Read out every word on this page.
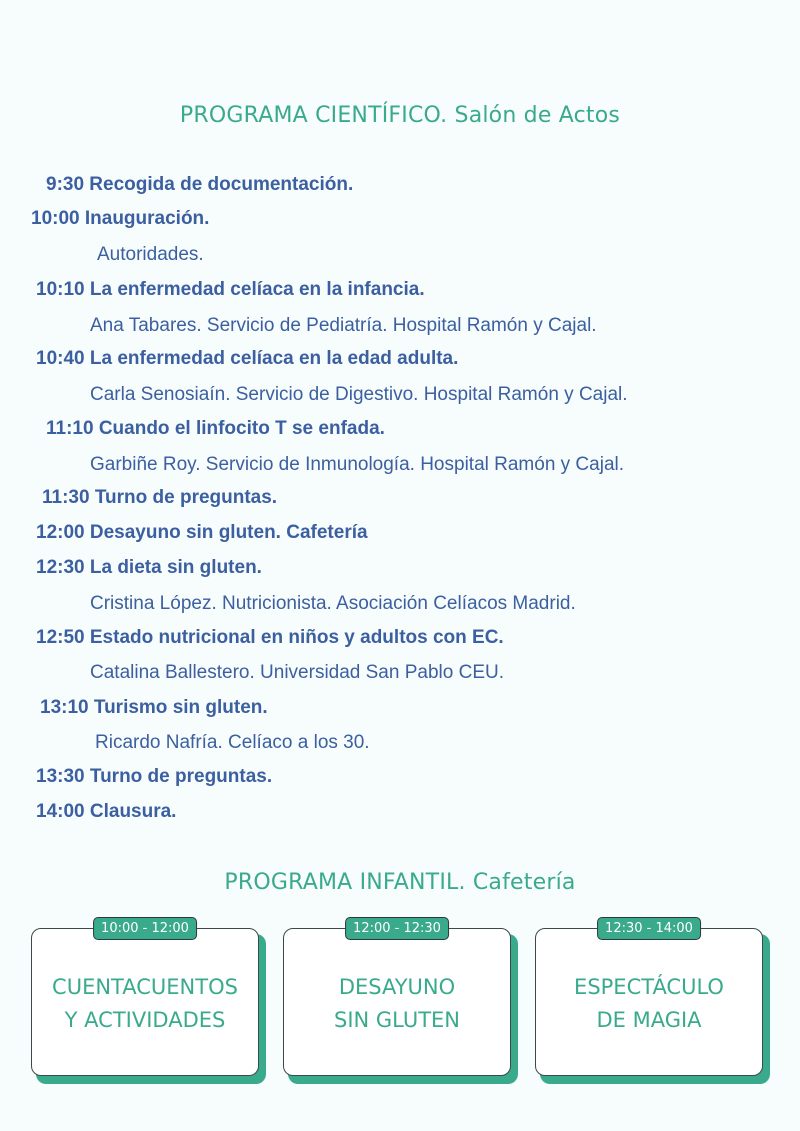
PROGRAMA CIENTÍFICO. Salón de Actos
9:30 Recogida de documentación.
10:00 Inauguración.
Autoridades.
10:10 La enfermedad celíaca en la infancia.
Ana Tabares. Servicio de Pediatría. Hospital Ramón y Cajal.
10:40 La enfermedad celíaca en la edad adulta.
Carla Senosiaín. Servicio de Digestivo. Hospital Ramón y Cajal.
11:10 Cuando el linfocito T se enfada.
Garbiñe Roy. Servicio de Inmunología. Hospital Ramón y Cajal.
11:30 Turno de preguntas.
12:00 Desayuno sin gluten. Cafetería
12:30 La dieta sin gluten.
Cristina López. Nutricionista. Asociación Celíacos Madrid.
12:50 Estado nutricional en niños y adultos con EC.
Catalina Ballestero. Universidad San Pablo CEU.
13:10 Turismo sin gluten.
Ricardo Nafría. Celíaco a los 30.
13:30 Turno de preguntas.
14:00 Clausura.
PROGRAMA INFANTIL. Cafetería
10:00 - 12:00
CUENTACUENTOS
Y ACTIVIDADES
12:00 - 12:30
DESAYUNO
SIN GLUTEN
12:30 - 14:00
ESPECTÁCULO
DE MAGIA
